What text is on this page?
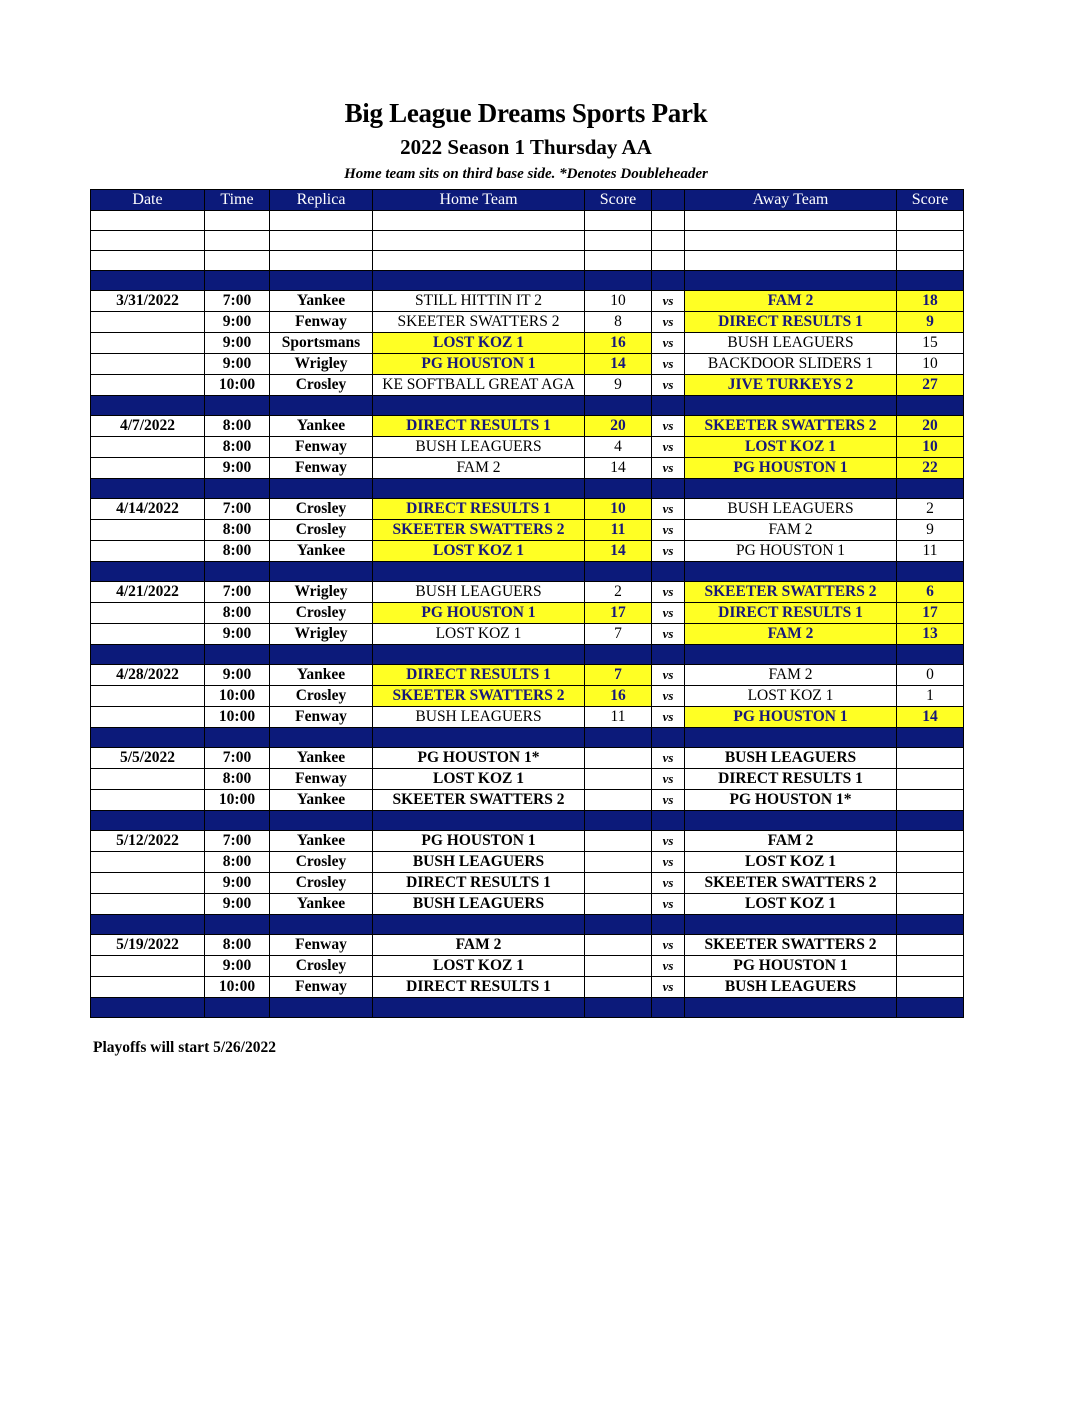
Big League Dreams Sports Park
2022 Season 1 Thursday AA
Home team sits on third base side. *Denotes Doubleheader
Date	Time	Replica	Home Team	Score		Away Team	Score

3/31/2022	7:00	Yankee	STILL HITTIN IT 2	10	vs	FAM 2	18
	9:00	Fenway	SKEETER SWATTERS 2	8	vs	DIRECT RESULTS 1	9
	9:00	Sportsmans	LOST KOZ 1	16	vs	BUSH LEAGUERS	15
	9:00	Wrigley	PG HOUSTON 1	14	vs	BACKDOOR SLIDERS 1	10
	10:00	Crosley	KE SOFTBALL GREAT AGA	9	vs	JIVE TURKEYS 2	27

4/7/2022	8:00	Yankee	DIRECT RESULTS 1	20	vs	SKEETER SWATTERS 2	20
	8:00	Fenway	BUSH LEAGUERS	4	vs	LOST KOZ 1	10
	9:00	Fenway	FAM 2	14	vs	PG HOUSTON 1	22

4/14/2022	7:00	Crosley	DIRECT RESULTS 1	10	vs	BUSH LEAGUERS	2
	8:00	Crosley	SKEETER SWATTERS 2	11	vs	FAM 2	9
	8:00	Yankee	LOST KOZ 1	14	vs	PG HOUSTON 1	11

4/21/2022	7:00	Wrigley	BUSH LEAGUERS	2	vs	SKEETER SWATTERS 2	6
	8:00	Crosley	PG HOUSTON 1	17	vs	DIRECT RESULTS 1	17
	9:00	Wrigley	LOST KOZ 1	7	vs	FAM 2	13

4/28/2022	9:00	Yankee	DIRECT RESULTS 1	7	vs	FAM 2	0
	10:00	Crosley	SKEETER SWATTERS 2	16	vs	LOST KOZ 1	1
	10:00	Fenway	BUSH LEAGUERS	11	vs	PG HOUSTON 1	14

5/5/2022	7:00	Yankee	PG HOUSTON 1*		vs	BUSH LEAGUERS	
	8:00	Fenway	LOST KOZ 1		vs	DIRECT RESULTS 1	
	10:00	Yankee	SKEETER SWATTERS 2		vs	PG HOUSTON 1*	

5/12/2022	7:00	Yankee	PG HOUSTON 1		vs	FAM 2	
	8:00	Crosley	BUSH LEAGUERS		vs	LOST KOZ 1	
	9:00	Crosley	DIRECT RESULTS 1		vs	SKEETER SWATTERS 2	
	9:00	Yankee	BUSH LEAGUERS		vs	LOST KOZ 1	

5/19/2022	8:00	Fenway	FAM 2		vs	SKEETER SWATTERS 2	
	9:00	Crosley	LOST KOZ 1		vs	PG HOUSTON 1	
	10:00	Fenway	DIRECT RESULTS 1		vs	BUSH LEAGUERS	

Playoffs will start 5/26/2022
